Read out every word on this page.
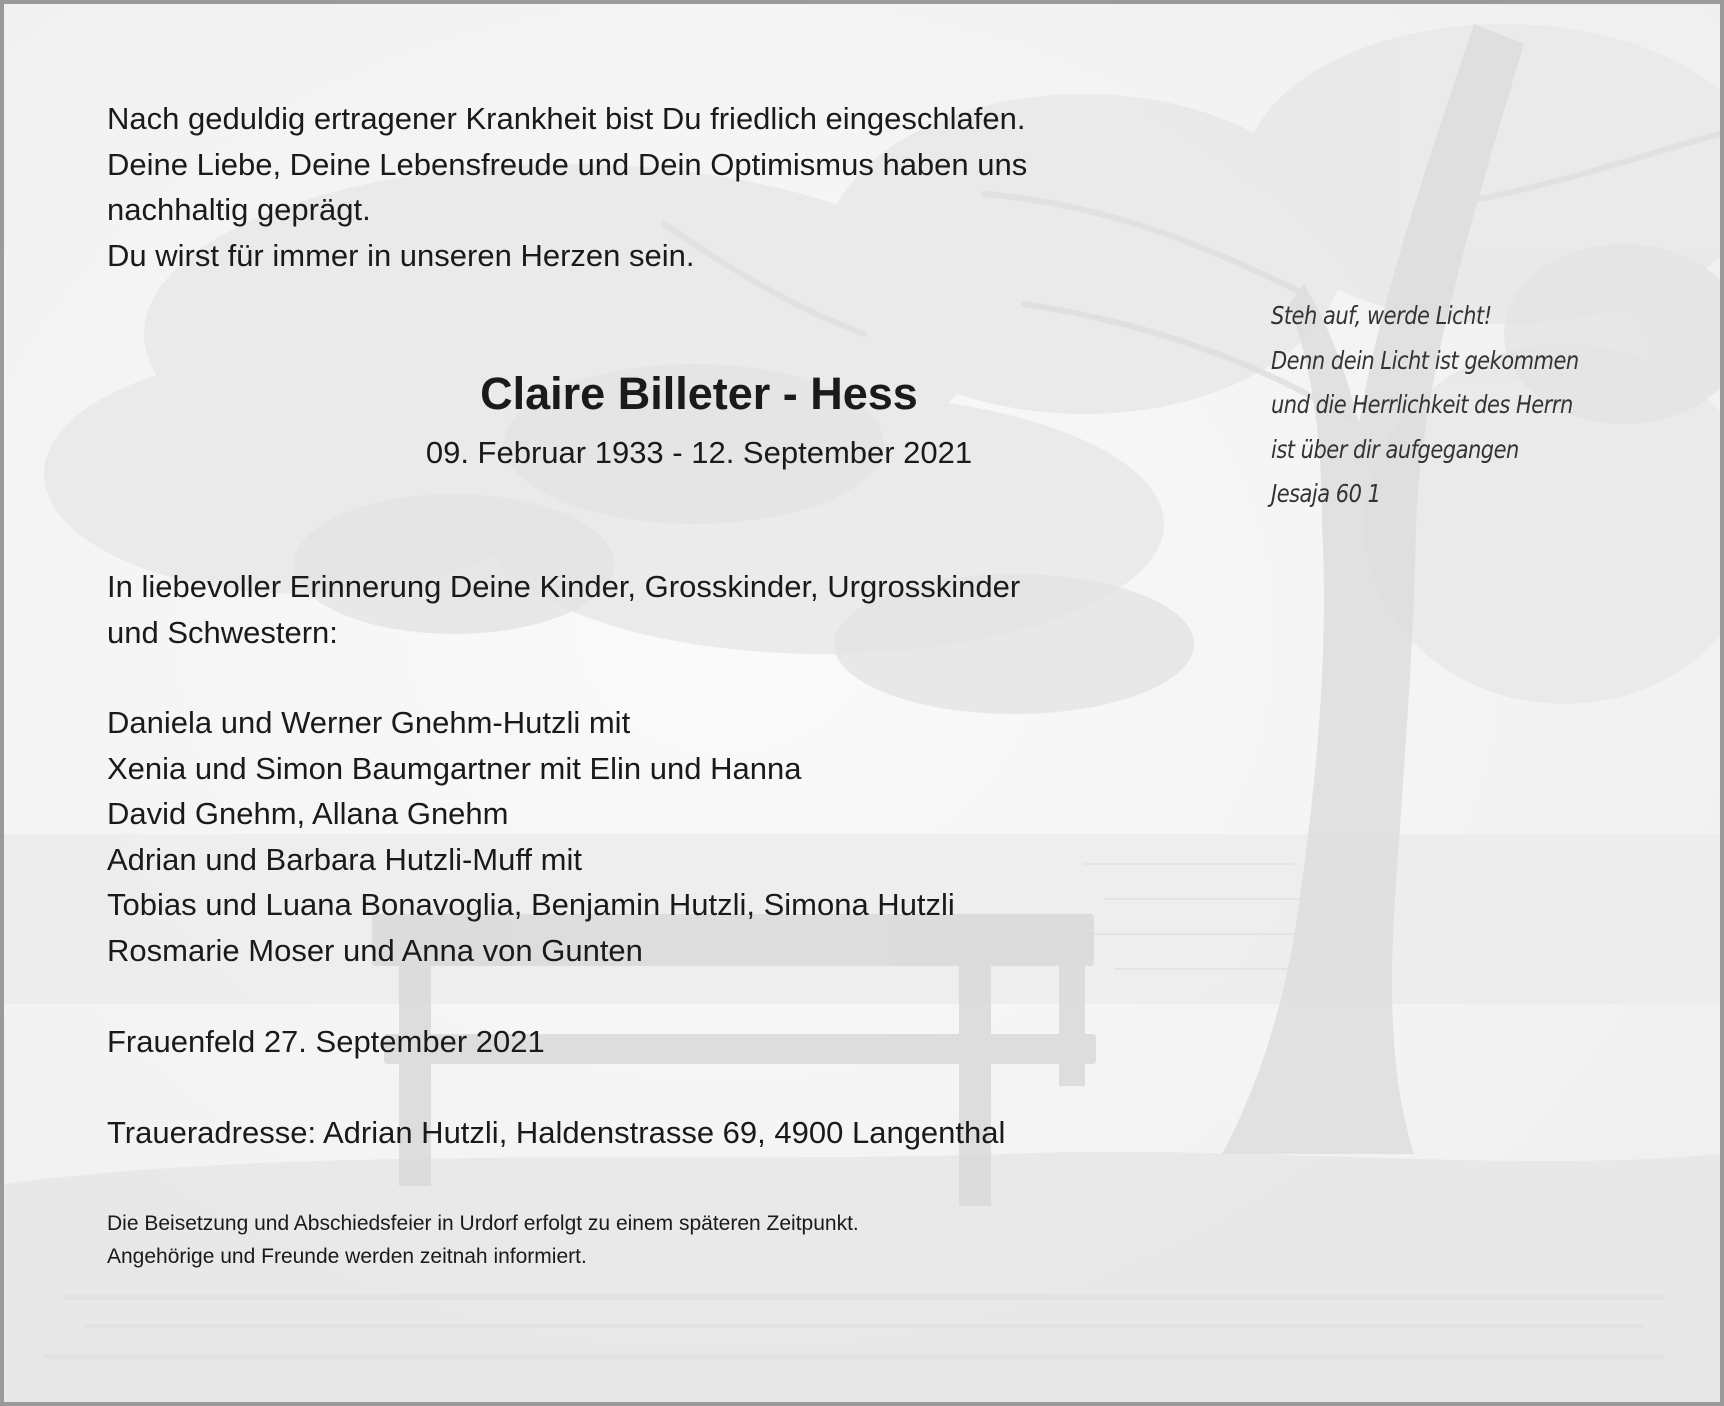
Nach geduldig ertragener Krankheit bist Du friedlich eingeschlafen.
Deine Liebe, Deine Lebensfreude und Dein Optimismus haben uns
nachhaltig geprägt.
Du wirst für immer in unseren Herzen sein.

Claire Billeter - Hess

09. Februar 1933 - 12. September 2021

Steh auf, werde Licht!
Denn dein Licht ist gekommen
und die Herrlichkeit des Herrn
ist über dir aufgegangen
Jesaja 60 1

In liebevoller Erinnerung Deine Kinder, Grosskinder, Urgrosskinder
und Schwestern:

Daniela und Werner Gnehm-Hutzli mit
Xenia und Simon Baumgartner mit Elin und Hanna
David Gnehm, Allana Gnehm
Adrian und Barbara Hutzli-Muff mit
Tobias und Luana Bonavoglia, Benjamin Hutzli, Simona Hutzli
Rosmarie Moser und Anna von Gunten

Frauenfeld 27. September 2021

Traueradresse: Adrian Hutzli, Haldenstrasse 69, 4900 Langenthal

Die Beisetzung und Abschiedsfeier in Urdorf erfolgt zu einem späteren Zeitpunkt.
Angehörige und Freunde werden zeitnah informiert.
